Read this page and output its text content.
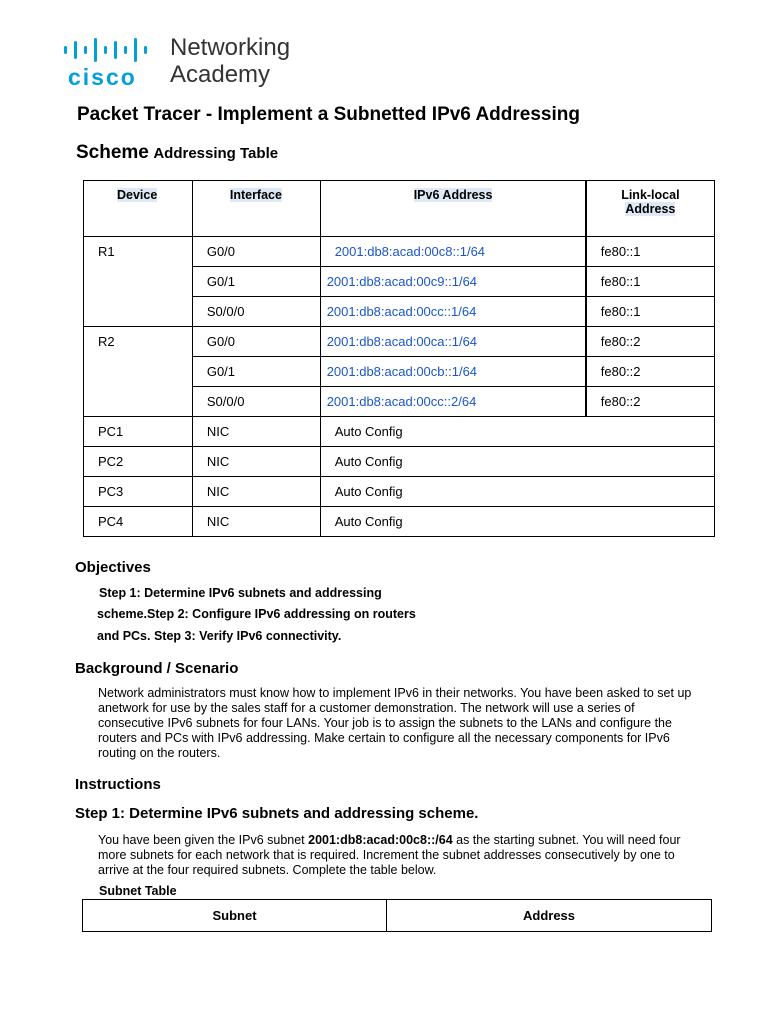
cisco
Networking
Academy
Packet Tracer - Implement a Subnetted IPv6 Addressing
Scheme Addressing Table
Device	Interface	IPv6 Address	Link-local
Address

R1	G0/0	2001:db8:acad:00c8::1/64	fe80::1
	G0/1	2001:db8:acad:00c9::1/64	fe80::1
	S0/0/0	2001:db8:acad:00cc::1/64	fe80::1
R2	G0/0	2001:db8:acad:00ca::1/64	fe80::2
	G0/1	2001:db8:acad:00cb::1/64	fe80::2
	S0/0/0	2001:db8:acad:00cc::2/64	fe80::2
PC1	NIC	Auto Config	
PC2	NIC	Auto Config	
PC3	NIC	Auto Config	
PC4	NIC	Auto Config	
Objectives
Step 1: Determine IPv6 subnets and addressing
scheme.Step 2: Configure IPv6 addressing on routers
and PCs. Step 3: Verify IPv6 connectivity.
Background / Scenario
Network administrators must know how to implement IPv6 in their networks. You have been asked to set up
anetwork for use by the sales staff for a customer demonstration. The network will use a series of
consecutive IPv6 subnets for four LANs. Your job is to assign the subnets to the LANs and configure the
routers and PCs with IPv6 addressing. Make certain to configure all the necessary components for IPv6
routing on the routers.
Instructions
Step 1: Determine IPv6 subnets and addressing scheme.
You have been given the IPv6 subnet 2001:db8:acad:00c8::/64 as the starting subnet. You will need four
more subnets for each network that is required. Increment the subnet addresses consecutively by one to
arrive at the four required subnets. Complete the table below.
Subnet Table
Subnet	Address
